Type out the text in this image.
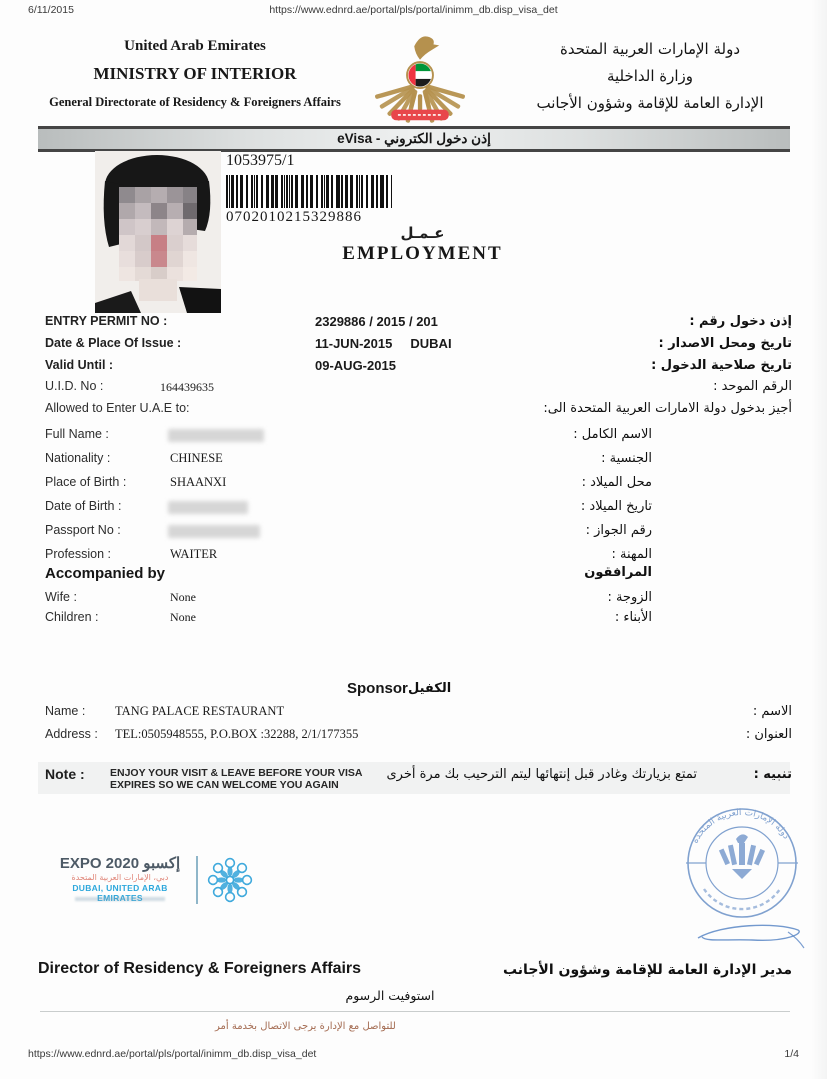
6/11/2015	https://www.ednrd.ae/portal/pls/portal/inimm_db.disp_visa_det
United Arab Emirates
MINISTRY OF INTERIOR
General Directorate of Residency & Foreigners Affairs
دولة الإمارات العربية المتحدة
وزارة الداخلية
الإدارة العامة للإقامة وشؤون الأجانب
eVisa - إذن دخول الكتروني
1053975/1
0702010215329886
عـمـل
EMPLOYMENT
ENTRY PERMIT NO :	2329886 / 2015 / 201	إذن دخول رقم :
Date & Place Of Issue :	11-JUN-2015     DUBAI	تاريخ ومحل الاصدار :
Valid Until :	09-AUG-2015	تاريخ صلاحية الدخول :
U.I.D. No :	164439635	الرقم الموحد :
Allowed to Enter U.A.E to:	أجيز بدخول دولة الامارات العربية المتحدة الى:
Full Name :	الاسم الكامل :
Nationality :	CHINESE	الجنسية :
Place of Birth :	SHAANXI	محل الميلاد :
Date of Birth :	تاريخ الميلاد :
Passport No :	رقم الجواز :
Profession :	WAITER	المهنة :
Accompanied by	المرافقون
Wife :	None	الزوجة :
Children :	None	الأبناء :
Sponsor الكفيل
Name : TANG PALACE RESTAURANT	الاسم :
Address : TEL:0505948555, P.O.BOX :32288, 2/1/177355	العنوان :
Note : ENJOY YOUR VISIT & LEAVE BEFORE YOUR VISA
EXPIRES SO WE CAN WELCOME YOU AGAIN
تمتع بزيارتك وغادر قبل إنتهائها ليتم الترحيب بك مرة أخرى	تنبيه :
EXPO 2020 إكسبو
دبي، الإمارات العربية المتحدة
DUBAI, UNITED ARAB EMIRATES
دولة الإمارات العربية المتحدة
Director of Residency & Foreigners Affairs	مدير الإدارة العامة للإقامة وشؤون الأجانب
استوفيت الرسوم
للتواصل مع الإدارة يرجى الاتصال بخدمة أمر
https://www.ednrd.ae/portal/pls/portal/inimm_db.disp_visa_det	1/4
